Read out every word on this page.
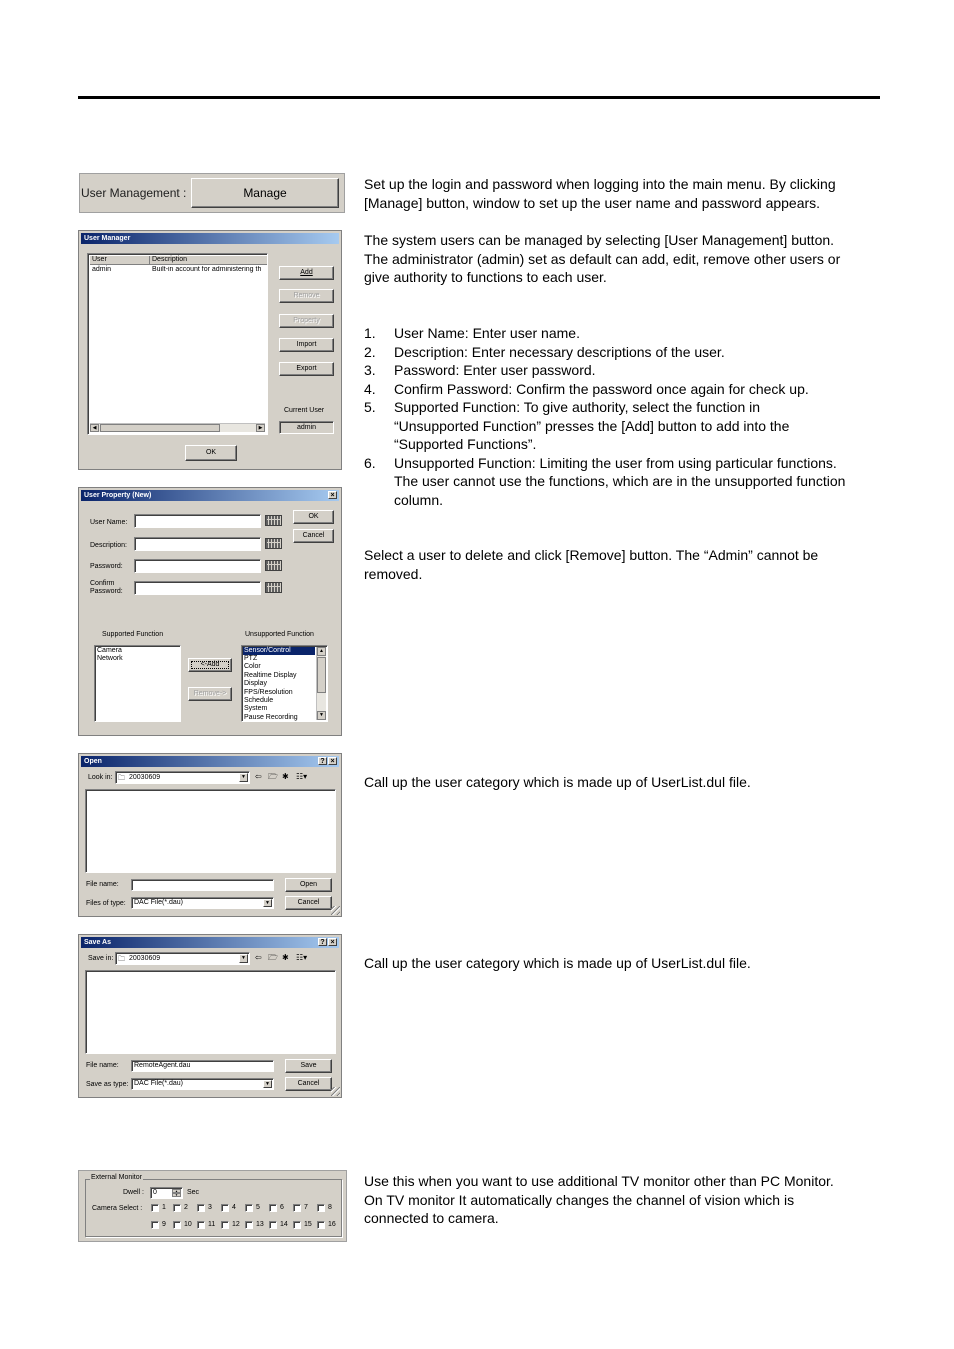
Set up the login and password when logging into the main menu. By clicking

[Manage] button, window to set up the user name and password appears.

The system users can be managed by selecting [User Management] button.

The administrator (admin) set as default can add, edit, remove other users or

give authority to functions to each user.

1. User Name: Enter user name.
2. Description: Enter necessary descriptions of the user.
3. Password: Enter user password.
4. Confirm Password: Confirm the password once again for check up.
5. Supported Function: To give authority, select the function in
“Unsupported Function” presses the [Add] button to add into the
“Supported Functions”.
6. Unsupported Function: Limiting the user from using particular functions.
The user cannot use the functions, which are in the unsupported function
column.

Select a user to delete and click [Remove] button. The “Admin” cannot be

removed.

Call up the user category which is made up of UserList.dul file.

Call up the user category which is made up of UserList.dul file.

Use this when you want to use additional TV monitor other than PC Monitor.

On TV monitor It automatically changes the channel of vision which is

connected to camera.

User Management :	Manage
User Manager
User	Description
admin	Built-in account for administering th
◀	▶
Add
Remove
Property
Import
Export
Current User
admin
OK
User Property (New)	×
User Name:
Description:
Password:
Confirm
Password:
OK
Cancel
Supported Function	Unsupported Function
Camera
Network
<-Add
Remove->
Sensor/Control
PTZ
Color
Realtime Display
Display
FPS/Resolution
Schedule
System
Pause Recording
▲
▼
Open	? ×
Look in: 🗀 20030609	▼ ⇦ 🗁 ✱ ☷▾
File name:
Files of type: DAC File(*.dau)	▼
Open
Cancel
Save As	? ×
Save in: 🗀 20030609	▼ ⇦ 🗁 ✱ ☷▾
File name: RemoteAgent.dau
Save as type: DAC File(*.dau)	▼
Save
Cancel
External Monitor
Dwell : 0	▲
▼	Sec
Camera Select :	1	2	3	4	5	6	7	8
9	10 11 12 13 14 15 16
